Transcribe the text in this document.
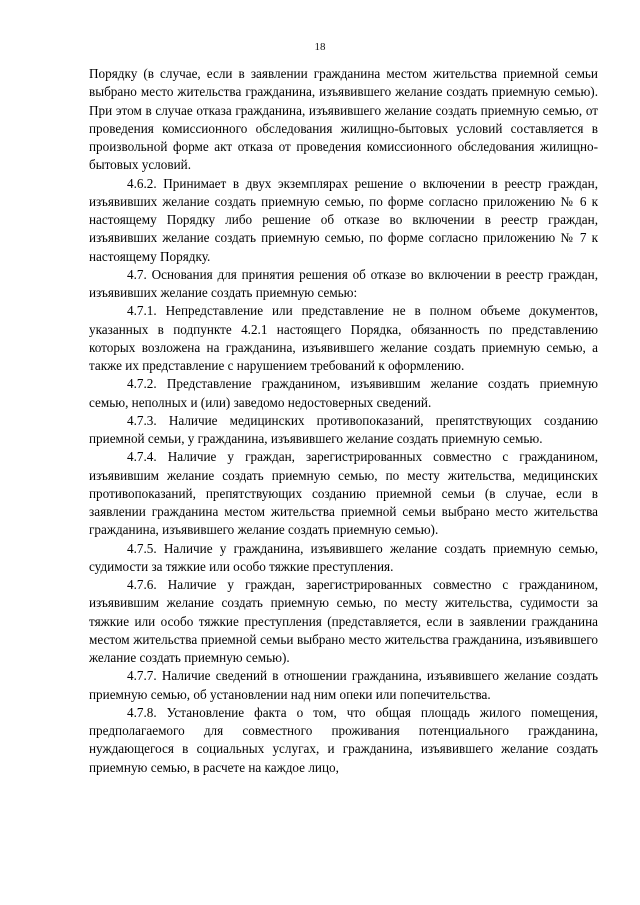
18

Порядку (в случае, если в заявлении гражданина местом жительства приемной семьи выбрано место жительства гражданина, изъявившего желание создать приемную семью). При этом в случае отказа гражданина, изъявившего желание создать приемную семью, от проведения комиссионного обследования жилищно-бытовых условий составляется в произвольной форме акт отказа от проведения комиссионного обследования жилищно-бытовых условий.

4.6.2. Принимает в двух экземплярах решение о включении в реестр граждан, изъявивших желание создать приемную семью, по форме согласно приложению № 6 к настоящему Порядку либо решение об отказе во включении в реестр граждан, изъявивших желание создать приемную семью, по форме согласно приложению № 7 к настоящему Порядку.

4.7. Основания для принятия решения об отказе во включении в реестр граждан, изъявивших желание создать приемную семью:

4.7.1. Непредставление или представление не в полном объеме документов, указанных в подпункте 4.2.1 настоящего Порядка, обязанность по представлению которых возложена на гражданина, изъявившего желание создать приемную семью, а также их представление с нарушением требований к оформлению.

4.7.2. Представление гражданином, изъявившим желание создать приемную семью, неполных и (или) заведомо недостоверных сведений.

4.7.3. Наличие медицинских противопоказаний, препятствующих созданию приемной семьи, у гражданина, изъявившего желание создать приемную семью.

4.7.4. Наличие у граждан, зарегистрированных совместно с гражданином, изъявившим желание создать приемную семью, по месту жительства, медицинских противопоказаний, препятствующих созданию приемной семьи (в случае, если в заявлении гражданина местом жительства приемной семьи выбрано место жительства гражданина, изъявившего желание создать приемную семью).

4.7.5. Наличие у гражданина, изъявившего желание создать приемную семью, судимости за тяжкие или особо тяжкие преступления.

4.7.6. Наличие у граждан, зарегистрированных совместно с гражданином, изъявившим желание создать приемную семью, по месту жительства, судимости за тяжкие или особо тяжкие преступления (представляется, если в заявлении гражданина местом жительства приемной семьи выбрано место жительства гражданина, изъявившего желание создать приемную семью).

4.7.7. Наличие сведений в отношении гражданина, изъявившего желание создать приемную семью, об установлении над ним опеки или попечительства.

4.7.8. Установление факта о том, что общая площадь жилого помещения, предполагаемого для совместного проживания потенциального гражданина, нуждающегося в социальных услугах, и гражданина, изъявившего желание создать приемную семью, в расчете на каждое лицо,
